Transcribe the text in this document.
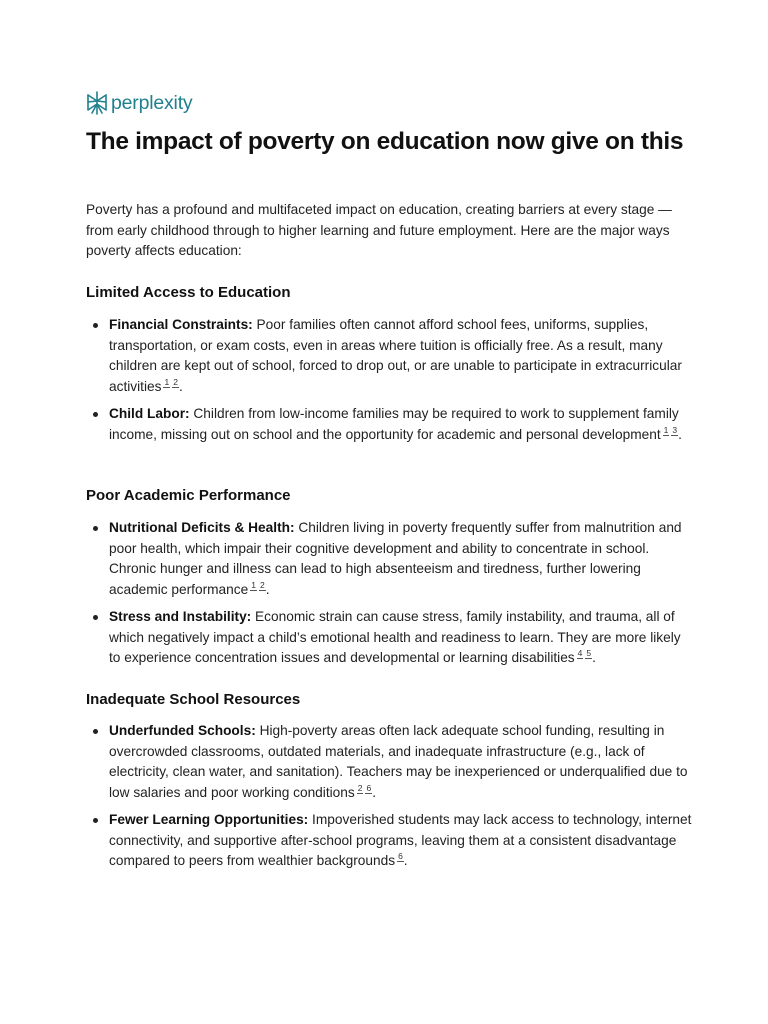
perplexity
The impact of poverty on education now give on this

Poverty has a profound and multifaceted impact on education, creating barriers at every stage —from early childhood through to higher learning and future employment. Here are the major ways poverty affects education:

Limited Access to Education
Financial Constraints: Poor families often cannot afford school fees, uniforms, supplies, transportation, or exam costs, even in areas where tuition is officially free. As a result, many children are kept out of school, forced to drop out, or are unable to participate in extracurricular activities 1 2.
Child Labor: Children from low-income families may be required to work to supplement family income, missing out on school and the opportunity for academic and personal development 1 3.
Poor Academic Performance
Nutritional Deficits & Health: Children living in poverty frequently suffer from malnutrition and poor health, which impair their cognitive development and ability to concentrate in school. Chronic hunger and illness can lead to high absenteeism and tiredness, further lowering academic performance 1 2.
Stress and Instability: Economic strain can cause stress, family instability, and trauma, all of which negatively impact a child’s emotional health and readiness to learn. They are more likely to experience concentration issues and developmental or learning disabilities 4 5.
Inadequate School Resources
Underfunded Schools: High-poverty areas often lack adequate school funding, resulting in overcrowded classrooms, outdated materials, and inadequate infrastructure (e.g., lack of electricity, clean water, and sanitation). Teachers may be inexperienced or underqualified due to low salaries and poor working conditions 2 6.
Fewer Learning Opportunities: Impoverished students may lack access to technology, internet connectivity, and supportive after-school programs, leaving them at a consistent disadvantage compared to peers from wealthier backgrounds 6.
